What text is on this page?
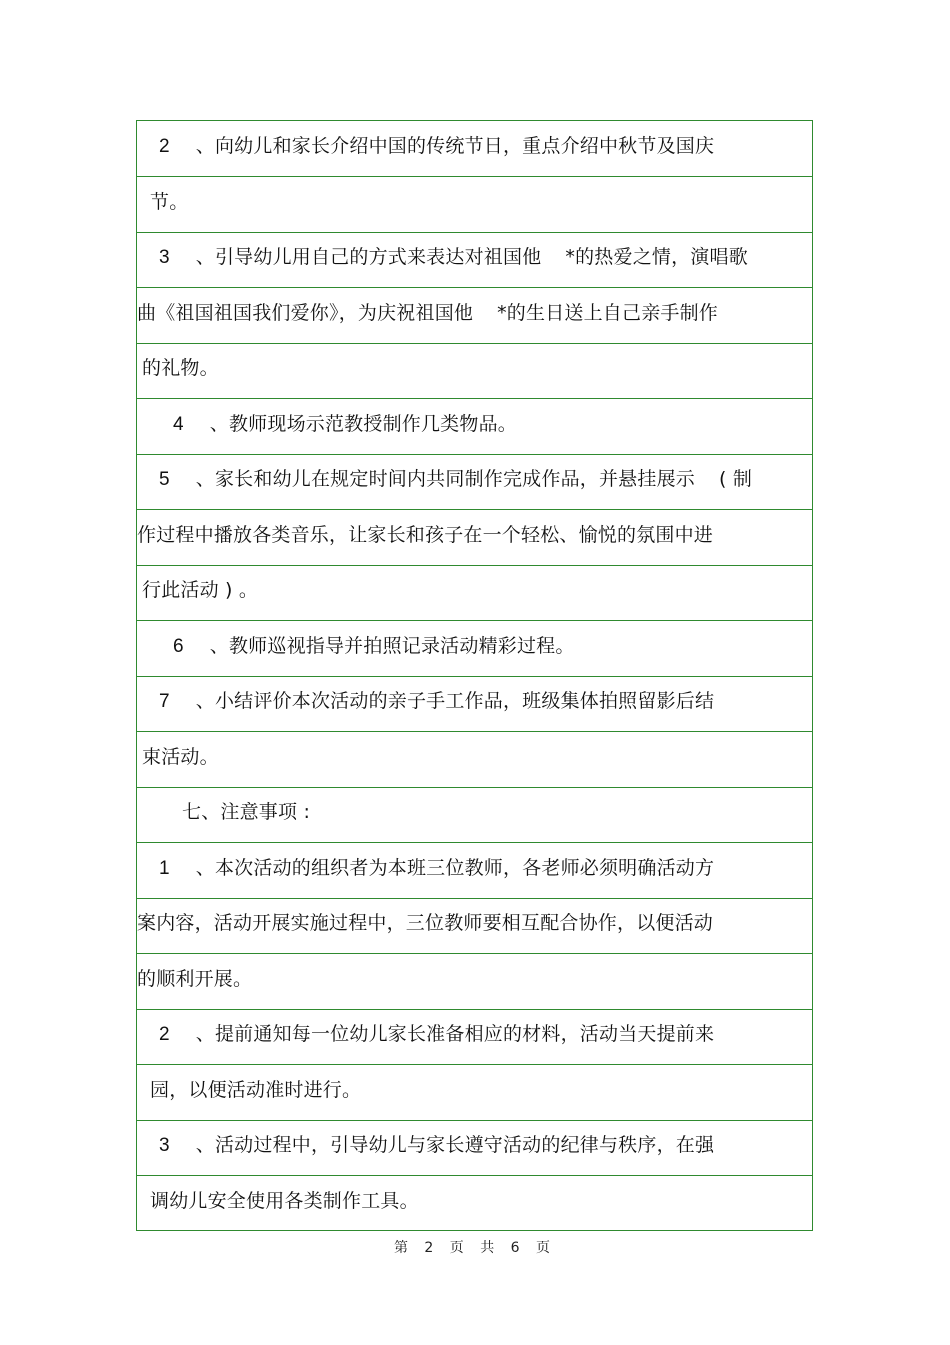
2 、向幼儿和家长介绍中国的传统节日，重点介绍中秋节及国庆
节。
3 、引导幼儿用自己的方式来表达对祖国他 *的热爱之情，演唱歌
曲《祖国祖国我们爱你》，为庆祝祖国他 *的生日送上自己亲手制作
的礼物。
4 、教师现场示范教授制作几类物品。
5 、家长和幼儿在规定时间内共同制作完成作品，并悬挂展示 ( 制
作过程中播放各类音乐，让家长和孩子在一个轻松、愉悦的氛围中进
行此活动 ) 。
6 、教师巡视指导并拍照记录活动精彩过程。
7 、小结评价本次活动的亲子手工作品，班级集体拍照留影后结
束活动。
七、注意事项 :
1 、本次活动的组织者为本班三位教师，各老师必须明确活动方
案内容，活动开展实施过程中，三位教师要相互配合协作，以便活动
的顺利开展。
2 、提前通知每一位幼儿家长准备相应的材料，活动当天提前来
园，以便活动准时进行。
3 、活动过程中，引导幼儿与家长遵守活动的纪律与秩序，在强
调幼儿安全使用各类制作工具。
第 2 页 共 6 页
